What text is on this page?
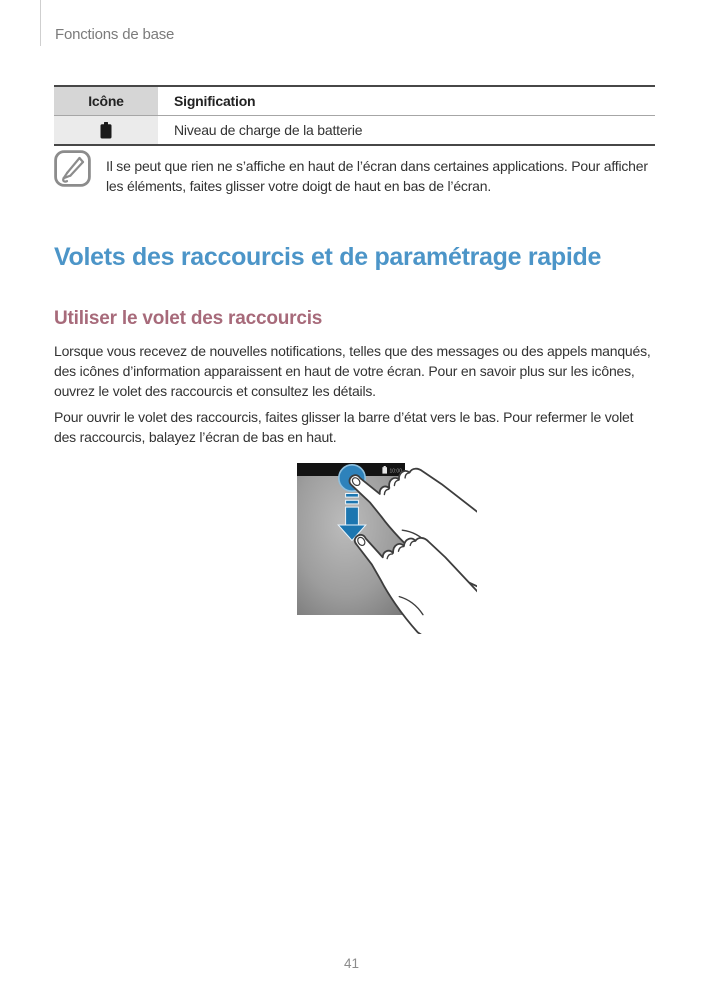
Fonctions de base
Icône	Signification
Niveau de charge de la batterie

Il se peut que rien ne s’affiche en haut de l’écran dans certaines applications. Pour afficher les éléments, faites glisser votre doigt de haut en bas de l’écran.

Volets des raccourcis et de paramétrage rapide
Utiliser le volet des raccourcis

Lorsque vous recevez de nouvelles notifications, telles que des messages ou des appels manqués, des icônes d’information apparaissent en haut de votre écran. Pour en savoir plus sur les icônes, ouvrez le volet des raccourcis et consultez les détails.

Pour ouvrir le volet des raccourcis, faites glisser la barre d’état vers le bas. Pour refermer le volet des raccourcis, balayez l’écran de bas en haut.

10:00
41
